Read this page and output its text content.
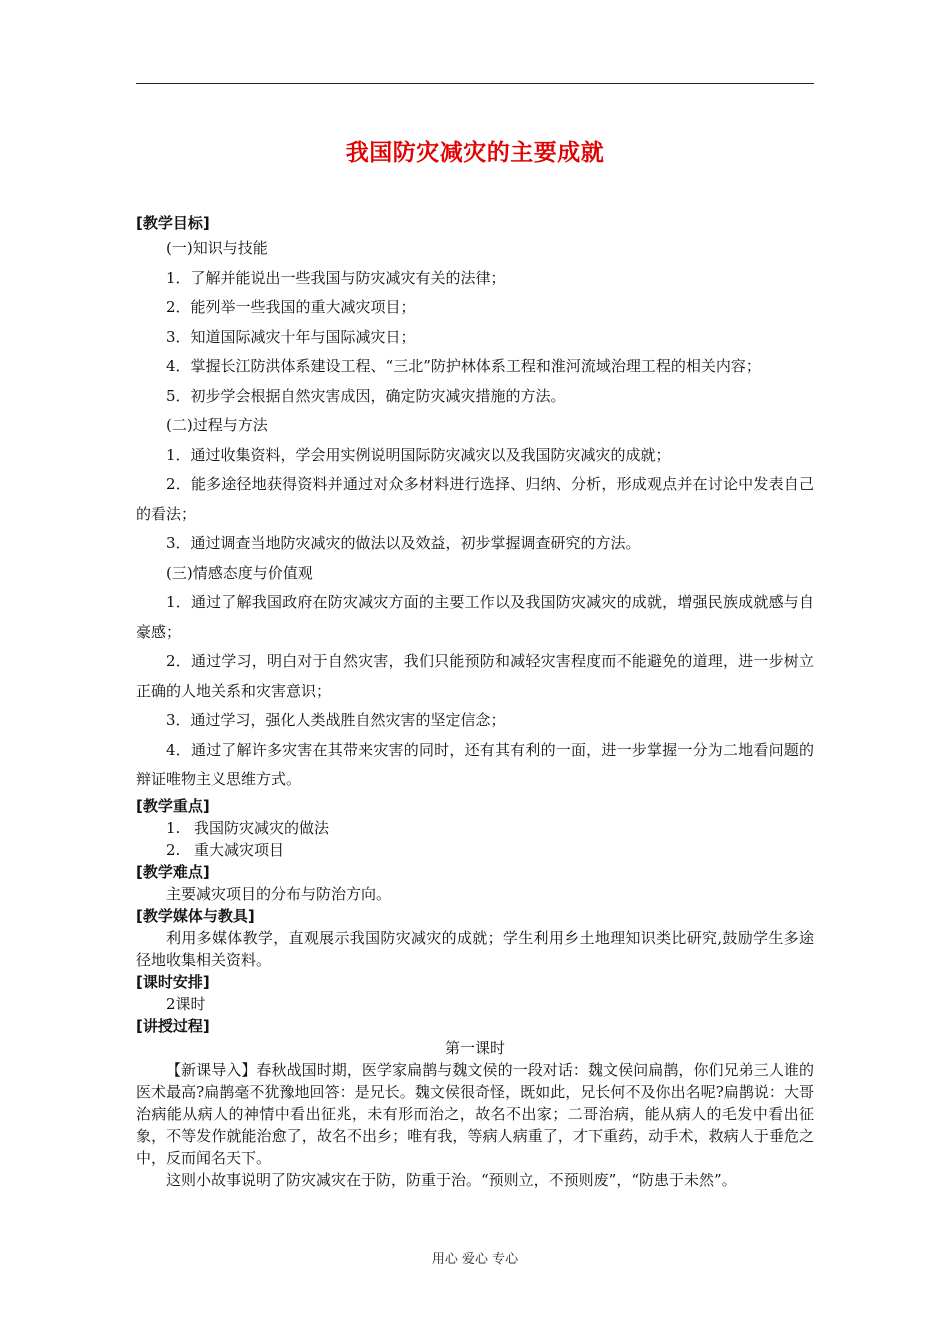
我国防灾减灾的主要成就
[教学目标]

(一)知识与技能

1．了解并能说出一些我国与防灾减灾有关的法律；

2．能列举一些我国的重大减灾项目；

3．知道国际减灾十年与国际减灾日；

4．掌握长江防洪体系建设工程、“三北”防护林体系工程和淮河流域治理工程的相关内容；

5．初步学会根据自然灾害成因，确定防灾减灾措施的方法。

(二)过程与方法

1．通过收集资料，学会用实例说明国际防灾减灾以及我国防灾减灾的成就；

2．能多途径地获得资料并通过对众多材料进行选择、归纳、分析，形成观点并在讨论中发表自己的看法；

3．通过调查当地防灾减灾的做法以及效益，初步掌握调查研究的方法。

(三)情感态度与价值观

1．通过了解我国政府在防灾减灾方面的主要工作以及我国防灾减灾的成就，增强民族成就感与自豪感；

2．通过学习，明白对于自然灾害，我们只能预防和减轻灾害程度而不能避免的道理，进一步树立正确的人地关系和灾害意识；

3．通过学习，强化人类战胜自然灾害的坚定信念；

4．通过了解许多灾害在其带来灾害的同时，还有其有利的一面，进一步掌握一分为二地看问题的辩证唯物主义思维方式。

[教学重点]
1. 我国防灾减灾的做法
2. 重大减灾项目
[教学难点]

主要减灾项目的分布与防治方向。

[教学媒体与教具]

利用多媒体教学，直观展示我国防灾减灾的成就；学生利用乡土地理知识类比研究,鼓励学生多途径地收集相关资料。

[课时安排]

2课时

[讲授过程]
第一课时

【新课导入】春秋战国时期，医学家扁鹊与魏文侯的一段对话：魏文侯问扁鹊，你们兄弟三人谁的医术最高?扁鹊毫不犹豫地回答：是兄长。魏文侯很奇怪，既如此，兄长何不及你出名呢?扁鹊说：大哥治病能从病人的神情中看出征兆，未有形而治之，故名不出家；二哥治病，能从病人的毛发中看出征象，不等发作就能治愈了，故名不出乡；唯有我，等病人病重了，才下重药，动手术，救病人于垂危之中，反而闻名天下。

这则小故事说明了防灾减灾在于防，防重于治。“预则立，不预则废”，“防患于未然”。

用心 爱心 专心
